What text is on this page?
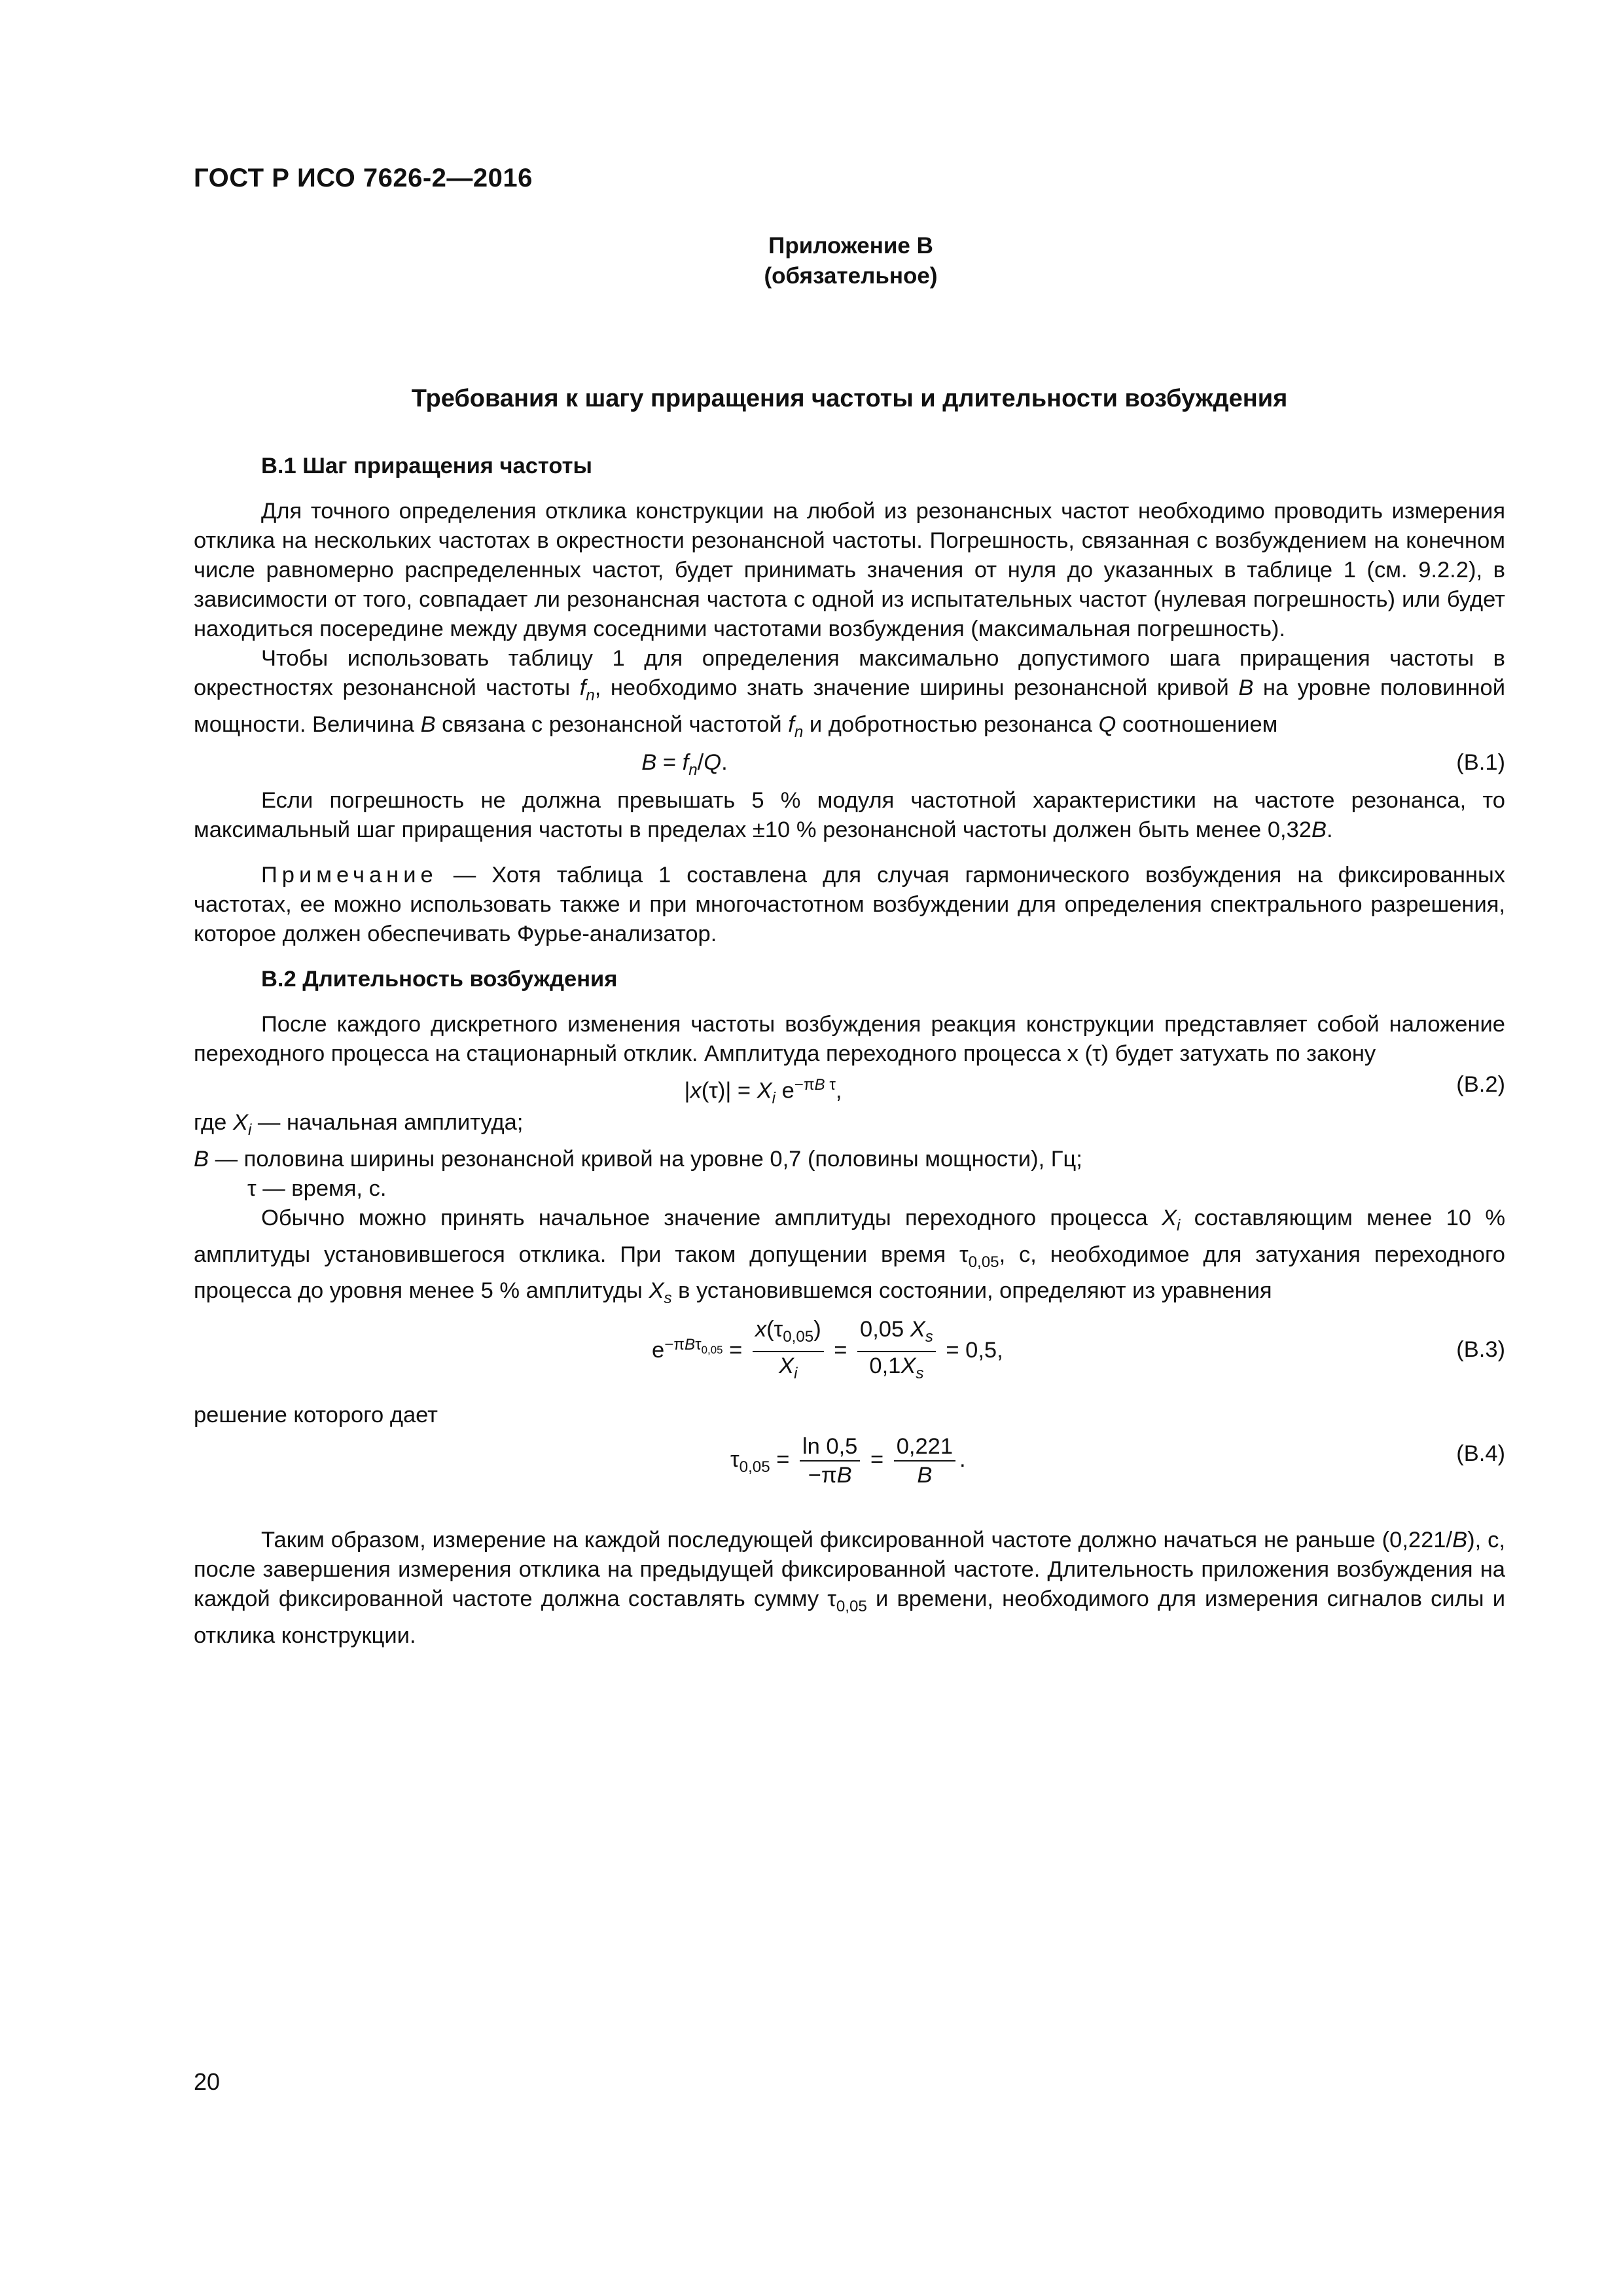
ГОСТ Р ИСО 7626-2—2016
Приложение В
(обязательное)
Требования к шагу приращения частоты и длительности возбуждения

В.1 Шаг приращения частоты

Для точного определения отклика конструкции на любой из резонансных частот необходимо проводить измерения отклика на нескольких частотах в окрестности резонансной частоты. Погрешность, связанная с возбуждением на конечном числе равномерно распределенных частот, будет принимать значения от нуля до указанных в таблице 1 (см. 9.2.2), в зависимости от того, совпадает ли резонансная частота с одной из испытательных частот (нулевая погрешность) или будет находиться посередине между двумя соседними частотами возбуждения (максимальная погрешность).

Чтобы использовать таблицу 1 для определения максимально допустимого шага приращения частоты в окрестностях резонансной частоты $f_n$, необходимо знать значение ширины резонансной кривой B на уровне половинной мощности. Величина B связана с резонансной частотой $f_n$ и добротностью резонанса Q соотношением

$B = f_n/Q$.	(B.1)

Если погрешность не должна превышать 5 % модуля частотной характеристики на частоте резонанса, то максимальный шаг приращения частоты в пределах ±10 % резонансной частоты должен быть менее 0,32B.

Примечание — Хотя таблица 1 составлена для случая гармонического возбуждения на фиксированных частотах, ее можно использовать также и при многочастотном возбуждении для определения спектрального разрешения, которое должен обеспечивать Фурье-анализатор.

В.2 Длительность возбуждения

После каждого дискретного изменения частоты возбуждения реакция конструкции представляет собой наложение переходного процесса на стационарный отклик. Амплитуда переходного процесса x (τ) будет затухать по закону

$|x(\tau)| = X_i$ $e^{-\pi B \tau}$,	(B.2)

где $X_i$ — начальная амплитуда;

B — половина ширины резонансной кривой на уровне 0,7 (половины мощности), Гц;

τ — время, с.

Обычно можно принять начальное значение амплитуды переходного процесса $X_i$ составляющим менее 10 % амплитуды установившегося отклика. При таком допущении время $\tau_{0,05}$, с, необходимое для затухания переходного процесса до уровня менее 5 % амплитуды $X_s$ в установившемся состоянии, определяют из уравнения

$e^{-\pi B\tau_{0,05}} = \frac{x(\tau_{0,05})}{X_i} = \frac{0,05 X_s}{0,1X_s} = 0,5$,	(B.3)

решение которого дает

$\tau_{0,05} = \frac{\ln 0,5}{-\pi B} = \frac{0,221}{B}$ .	(B.4)

Таким образом, измерение на каждой последующей фиксированной частоте должно начаться не раньше (0,221/B), с, после завершения измерения отклика на предыдущей фиксированной частоте. Длительность приложения возбуждения на каждой фиксированной частоте должна составлять сумму $\tau_{0,05}$ и времени, необходимого для измерения сигналов силы и отклика конструкции.

20
